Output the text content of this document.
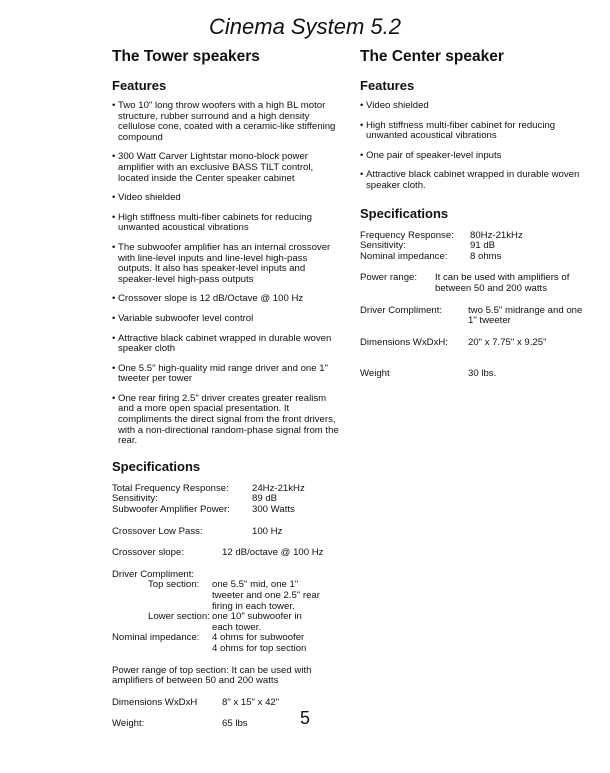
Cinema System 5.2
The Tower speakers
Features
• Two 10" long throw woofers with a high BL motor structure, rubber surround and a high density cellulose cone, coated with a ceramic-like stiffening compound
• 300 Watt Carver Lightstar mono-block power amplifier with an exclusive BASS TILT control, located inside the Center speaker cabinet
• Video shielded
• High stiffness multi-fiber cabinets for reducing unwanted acoustical vibrations
• The subwoofer amplifier has an internal crossover with line-level inputs and line-level high-pass outputs. It also has speaker-level inputs and speaker-level high-pass outputs
• Crossover slope is 12 dB/Octave @ 100 Hz
• Variable subwoofer level control
• Attractive black cabinet wrapped in durable woven speaker cloth
• One 5.5" high-quality mid range driver and one 1" tweeter per tower
• One rear firing 2.5" driver creates greater realism and a more open spacial presentation. It compliments the direct signal from the front drivers, with a non-directional random-phase signal from the rear.
Specifications
Total Frequency Response:	24Hz-21kHz
Sensitivity:	89 dB
Subwoofer Amplifier Power:	300 Watts
Crossover Low Pass:	100 Hz
Crossover slope:	12 dB/octave @ 100 Hz
Driver Compliment:
Top section:	one 5.5" mid, one 1" tweeter and one 2.5" rear firing in each tower.
Lower section: one 10" subwoofer in each tower.
Nominal impedance:	4 ohms for subwoofer
4 ohms for top section
Power range of top section: It can be used with amplifiers of between 50 and 200 watts
Dimensions WxDxH	8" x 15" x 42"
Weight:	65 lbs
The Center speaker
Features
• Video shielded
• High stiffness multi-fiber cabinet for reducing unwanted acoustical vibrations
• One pair of speaker-level inputs
• Attractive black cabinet wrapped in durable woven speaker cloth.
Specifications
Frequency Response:	80Hz-21kHz
Sensitivity:	91 dB
Nominal impedance:	8 ohms
Power range:	It can be used with amplifiers of between 50 and 200 watts
Driver Compliment:	two 5.5" midrange and one 1" tweeter
Dimensions WxDxH:	20" x 7.75" x 9.25"
Weight	30 lbs.
5
